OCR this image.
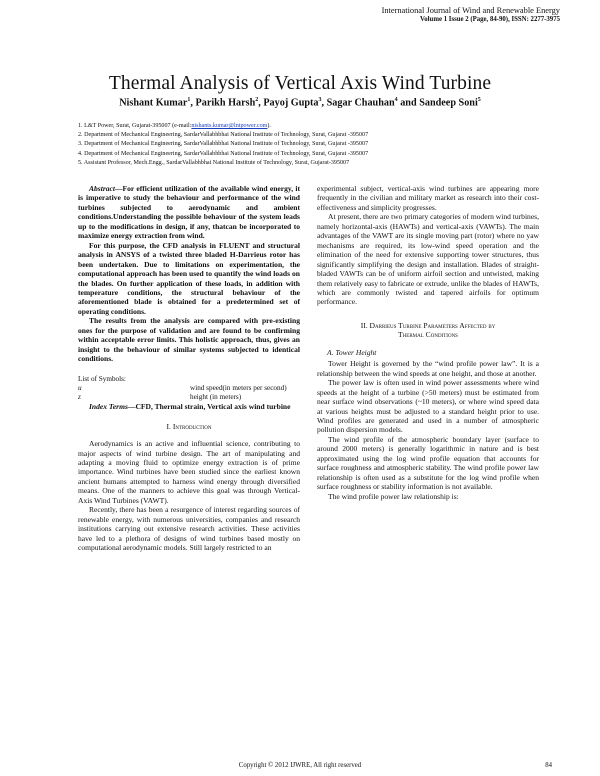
International Journal of Wind and Renewable Energy
Volume 1 Issue 2 (Page, 84-90), ISSN: 2277-3975
Thermal Analysis of Vertical Axis Wind Turbine
Nishant Kumar$^1$, Parikh Harsh$^2$, Payoj Gupta$^3$, Sagar Chauhan$^4$ and Sandeep Soni$^5$
1. L&T Power, Surat, Gujarat-395007 (e-mail:nishants.kumar@lntpower.com).
2. Department of Mechanical Engineering, SardarVallabhbhai National Institute of Technology, Surat, Gujarat -395007
3. Department of Mechanical Engineering, SardarVallabhbhai National Institute of Technology, Surat, Gujarat -395007
4. Department of Mechanical Engineering, SardarVallabhbhai National Institute of Technology, Surat, Gujarat -395007
5. Assistant Professor, Mech.Engg., SardarVallabhbhai National Institute of Technology, Surat, Gujarat-395007

Abstract—For efficient utilization of the available wind energy, it is imperative to study the behaviour and performance of the wind turbines subjected to aerodynamic and ambient conditions.Understanding the possible behaviour of the system leads up to the modifications in design, if any, thatcan be incorporated to maximize energy extraction from wind.

For this purpose, the CFD analysis in FLUENT and structural analysis in ANSYS of a twisted three bladed H-Darrieus rotor has been undertaken. Due to limitations on experimentation, the computational approach has been used to quantify the wind loads on the blades. On further application of these loads, in addition with temperature conditions, the structural behaviour of the aforementioned blade is obtained for a predetermined set of operating conditions.

The results from the analysis are compared with pre-existing ones for the purpose of validation and are found to be confirming within acceptable error limits. This holistic approach, thus, gives an insight to the behaviour of similar systems subjected to identical conditions.

List of Symbols:
u	wind speed(in meters per second)
z	height (in meters)

Index Terms—CFD, Thermal strain, Vertical axis wind turbine

I. Introduction

Aerodynamics is an active and influential science, contributing to major aspects of wind turbine design. The art of manipulating and adapting a moving fluid to optimize energy extraction is of prime importance. Wind turbines have been studied since the earliest known ancient humans attempted to harness wind energy through diversified means. One of the manners to achieve this goal was through Vertical-Axis Wind Turbines (VAWT).

Recently, there has been a resurgence of interest regarding sources of renewable energy, with numerous universities, companies and research institutions carrying out extensive research activities. These activities have led to a plethora of designs of wind turbines based mostly on computational aerodynamic models. Still largely restricted to an

experimental subject, vertical-axis wind turbines are appearing more frequently in the civilian and military market as research into their cost-effectiveness and simplicity progresses.

At present, there are two primary categories of modern wind turbines, namely horizontal-axis (HAWTs) and vertical-axis (VAWTs). The main advantages of the VAWT are its single moving part (rotor) where no yaw mechanisms are required, its low-wind speed operation and the elimination of the need for extensive supporting tower structures, thus significantly simplifying the design and installation. Blades of straight-bladed VAWTs can be of uniform airfoil section and untwisted, making them relatively easy to fabricate or extrude, unlike the blades of HAWTs, which are commonly twisted and tapered airfoils for optimum performance.

II. Darrieus Turbine Parameters Affected by
Thermal Conditions
A. Tower Height

Tower Height is governed by the “wind profile power law”. It is a relationship between the wind speeds at one height, and those at another.

The power law is often used in wind power assessments where wind speeds at the height of a turbine (>50 meters) must be estimated from near surface wind observations (~10 meters), or where wind speed data at various heights must be adjusted to a standard height prior to use. Wind profiles are generated and used in a number of atmospheric pollution dispersion models.

The wind profile of the atmospheric boundary layer (surface to around 2000 meters) is generally logarithmic in nature and is best approximated using the log wind profile equation that accounts for surface roughness and atmospheric stability. The wind profile power law relationship is often used as a substitute for the log wind profile when surface roughness or stability information is not available.

The wind profile power law relationship is:

Copyright © 2012 IJWRE, All right reserved	84
